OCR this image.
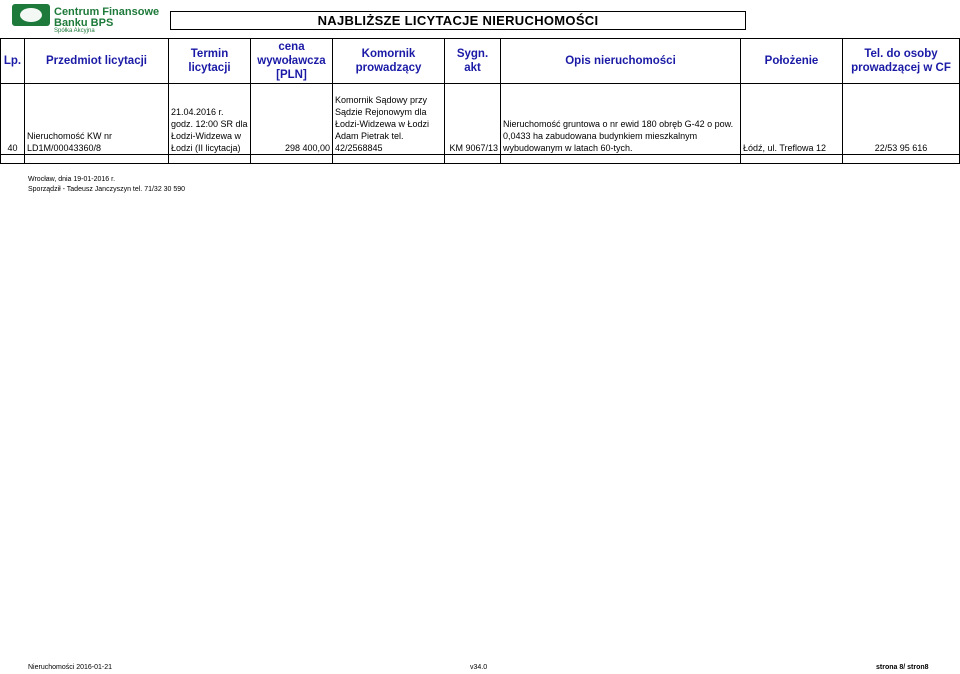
Centrum Finansowe
Banku BPS
Spółka Akcyjna
NAJBLIŻSZE LICYTACJE NIERUCHOMOŚCI
Lp.	Przedmiot licytacji	Termin licytacji	cena wywoławcza [PLN]	Komornik prowadzący	Sygn. akt	Opis nieruchomości	Położenie	Tel. do osoby prowadzącej w CF
40	Nieruchomość KW nr LD1M/00043360/8	21.04.2016 r. godz. 12:00 SR dla Łodzi-Widzewa w Łodzi (II licytacja)	298 400,00	Komornik Sądowy przy Sądzie Rejonowym dla Łodzi-Widzewa w Łodzi Adam Pietrak tel. 42/2568845	KM 9067/13	Nieruchomość gruntowa o nr ewid 180 obręb G-42 o pow. 0,0433 ha zabudowana budynkiem mieszkalnym wybudowanym w latach 60-tych.	Łódź, ul. Treflowa 12	22/53 95 616

Wrocław, dnia 19-01-2016 r.
Sporządził - Tadeusz Janczyszyn tel. 71/32 30 590
Nieruchomości 2016-01-21	v34.0	strona 8/ stron8
